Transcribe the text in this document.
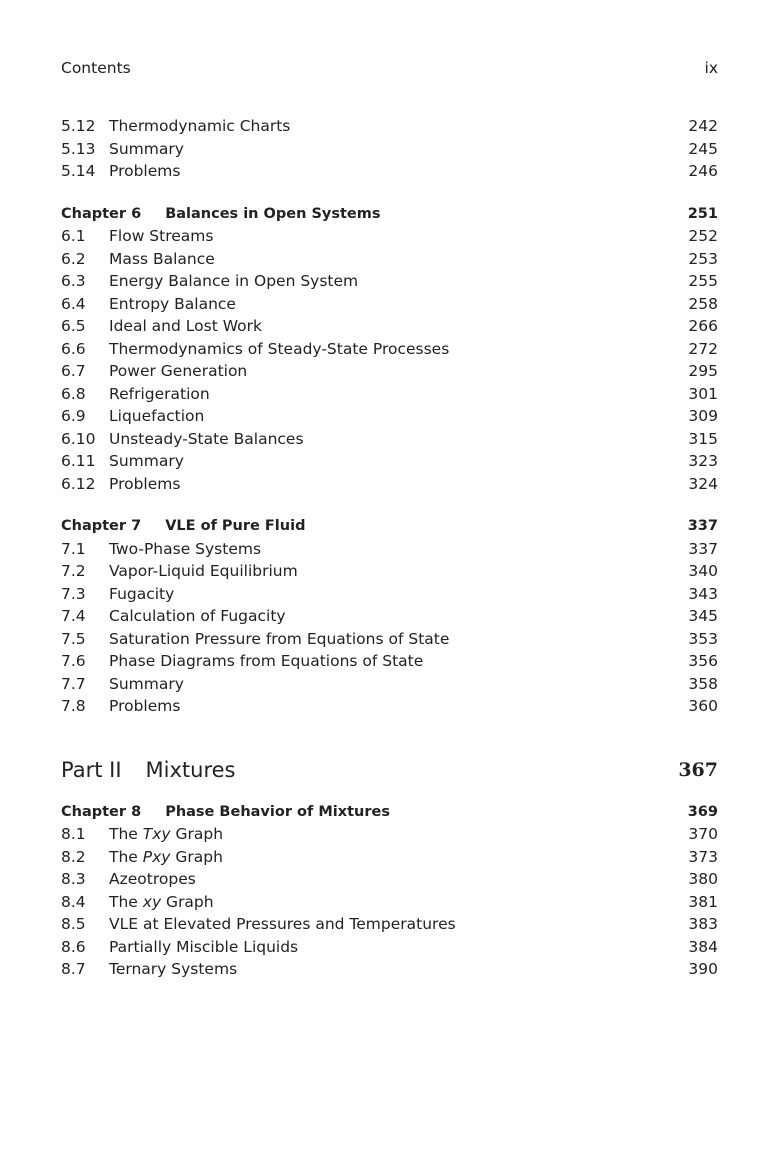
Contents	ix
5.12 Thermodynamic Charts	242
5.13 Summary	245
5.14 Problems	246
Chapter 6 Balances in Open Systems	251
6.1	Flow Streams	252
6.2	Mass Balance	253
6.3	Energy Balance in Open System	255
6.4	Entropy Balance	258
6.5	Ideal and Lost Work	266
6.6	Thermodynamics of Steady-State Processes	272
6.7	Power Generation	295
6.8	Refrigeration	301
6.9	Liquefaction	309
6.10 Unsteady-State Balances	315
6.11 Summary	323
6.12 Problems	324
Chapter 7 VLE of Pure Fluid	337
7.1	Two-Phase Systems	337
7.2	Vapor-Liquid Equilibrium	340
7.3	Fugacity	343
7.4	Calculation of Fugacity	345
7.5	Saturation Pressure from Equations of State	353
7.6	Phase Diagrams from Equations of State	356
7.7	Summary	358
7.8	Problems	360
Part II Mixtures	367
Chapter 8 Phase Behavior of Mixtures	369
8.1	The Txy Graph	370
8.2	The Pxy Graph	373
8.3	Azeotropes	380
8.4	The xy Graph	381
8.5	VLE at Elevated Pressures and Temperatures	383
8.6	Partially Miscible Liquids	384
8.7	Ternary Systems	390
